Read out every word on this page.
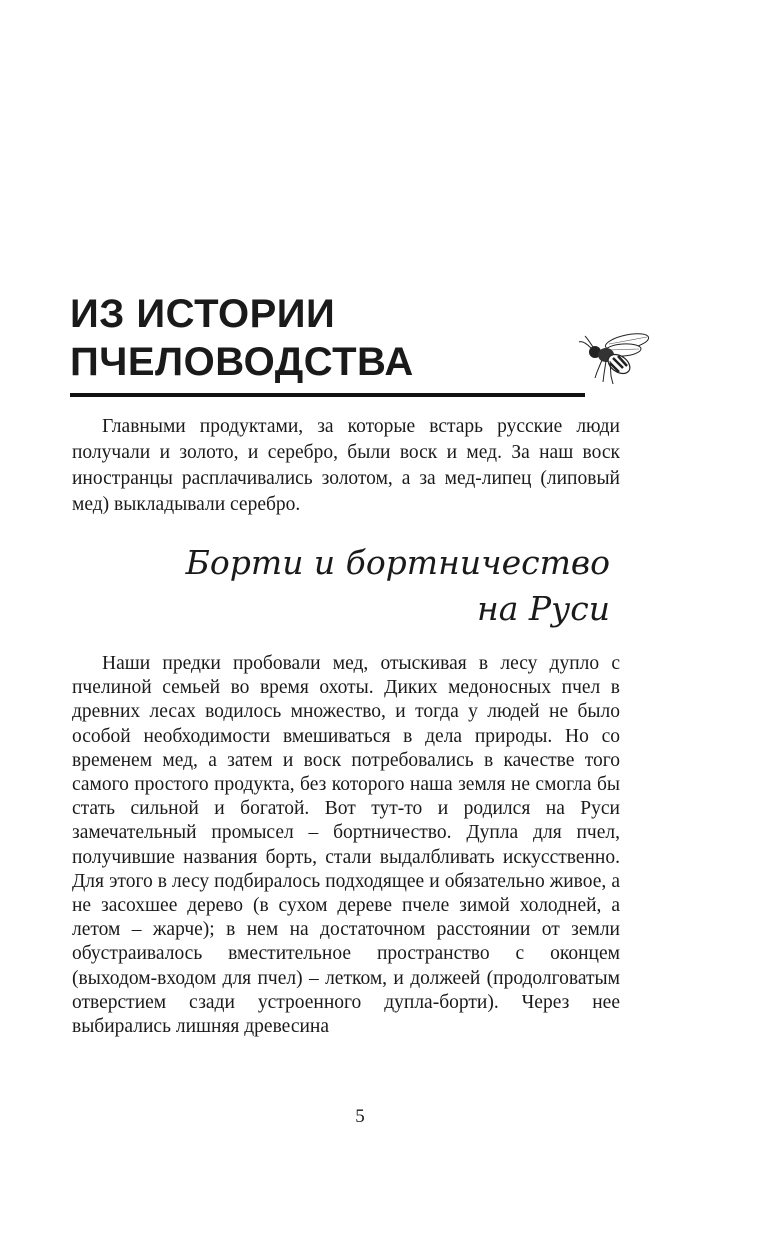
ИЗ ИСТОРИИ
ПЧЕЛОВОДСТВА

Главными продуктами, за которые встарь русские люди получали и золото, и серебро, были воск и мед. За наш воск иностранцы расплачивались золотом, а за мед-липец (липовый мед) выкладывали серебро.

Борти и бортничество
на Руси

Наши предки пробовали мед, отыскивая в лесу дупло с пчелиной семьей во время охоты. Диких медоносных пчел в древних лесах водилось множество, и тогда у людей не было особой необходимости вмешиваться в дела природы. Но со временем мед, а затем и воск потребовались в качестве того самого простого продукта, без которого наша земля не смогла бы стать сильной и богатой. Вот тут-то и родился на Руси замечательный промысел – бортничество. Дупла для пчел, получившие названия борть, стали выдалбливать искусственно. Для этого в лесу подбиралось подходящее и обязательно живое, а не засохшее дерево (в сухом дереве пчеле зимой холодней, а летом – жарче); в нем на достаточном расстоянии от земли обустраивалось вместительное пространство с оконцем (выходом-входом для пчел) – летком, и должеей (продолговатым отверстием сзади устроенного дупла-борти). Через нее выбирались лишняя древесина

5
